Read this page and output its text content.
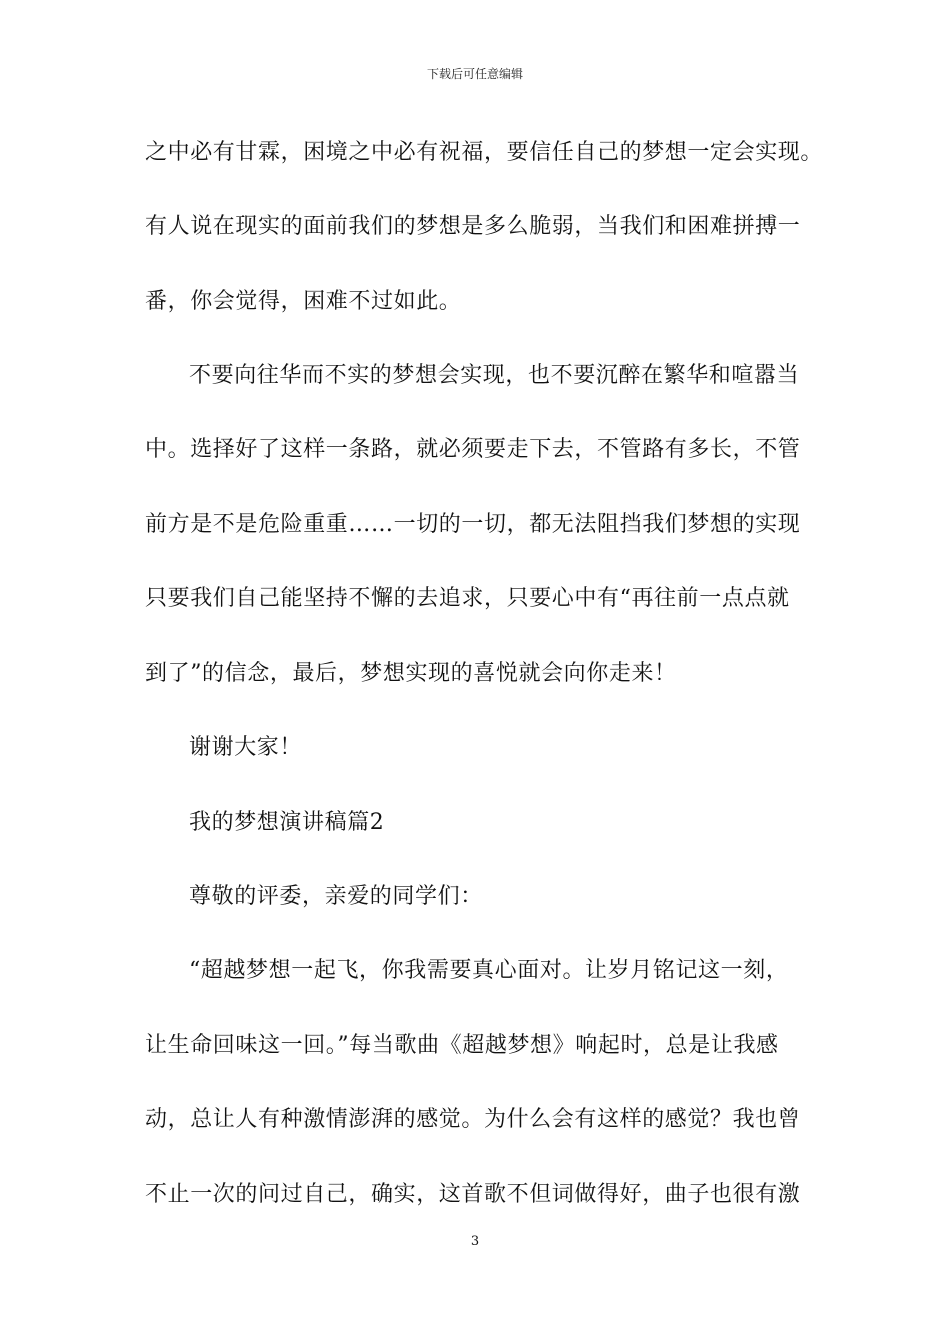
下载后可任意编辑
之中必有甘霖，困境之中必有祝福，要信任自己的梦想一定会实现。
有人说在现实的面前我们的梦想是多么脆弱，当我们和困难拼搏一
番，你会觉得，困难不过如此。
不要向往华而不实的梦想会实现，也不要沉醉在繁华和喧嚣当
中。选择好了这样一条路，就必须要走下去，不管路有多长，不管
前方是不是危险重重……一切的一切，都无法阻挡我们梦想的实现
只要我们自己能坚持不懈的去追求，只要心中有“再往前一点点就
到了”的信念，最后，梦想实现的喜悦就会向你走来！
谢谢大家！
我的梦想演讲稿篇2
尊敬的评委，亲爱的同学们：
“超越梦想一起飞，你我需要真心面对。让岁月铭记这一刻，
让生命回味这一回。”每当歌曲《超越梦想》响起时，总是让我感
动，总让人有种激情澎湃的感觉。为什么会有这样的感觉？我也曾
不止一次的问过自己，确实，这首歌不但词做得好，曲子也很有激
3
